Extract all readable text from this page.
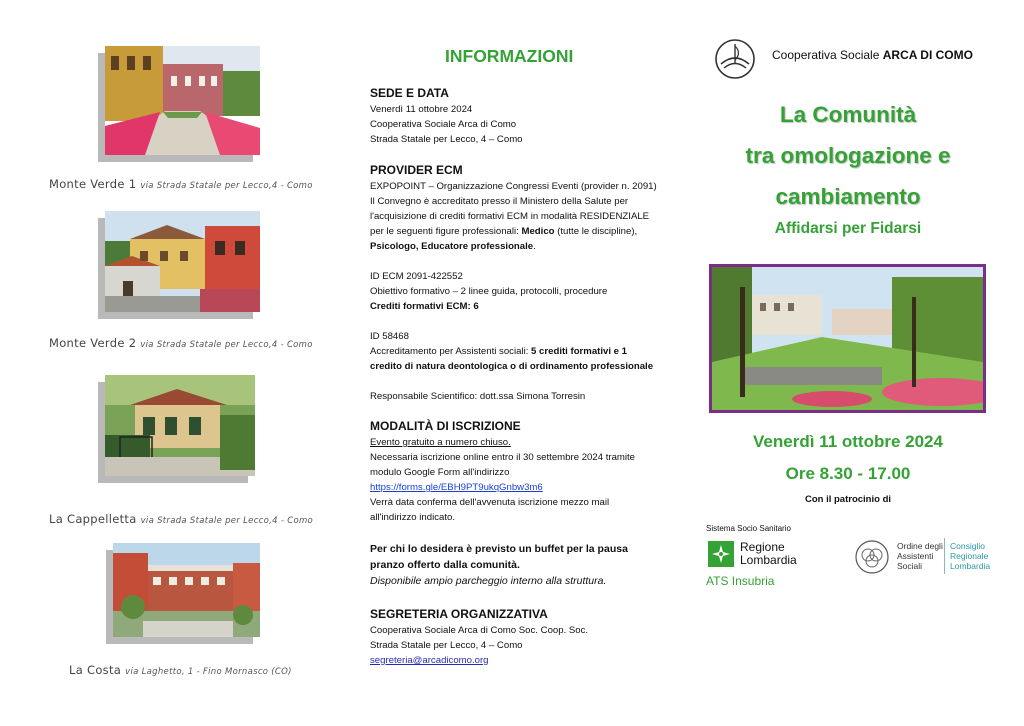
Monte Verde 1 via Strada Statale per Lecco,4 - Como
Monte Verde 2 via Strada Statale per Lecco,4 - Como
La Cappelletta via Strada Statale per Lecco,4 - Como
La Costa via Laghetto, 1 - Fino Mornasco (CO)
INFORMAZIONI
SEDE E DATA
Venerdì 11 ottobre 2024
Cooperativa Sociale Arca di Como
Strada Statale per Lecco, 4 – Como
PROVIDER ECM
EXPOPOINT – Organizzazione Congressi Eventi (provider n. 2091)
Il Convegno è accreditato presso il Ministero della Salute per
l'acquisizione di crediti formativi ECM in modalità RESIDENZIALE
per le seguenti figure professionali: Medico (tutte le discipline),
Psicologo, Educatore professionale.
ID ECM 2091-422552
Obiettivo formativo – 2 linee guida, protocolli, procedure
Crediti formativi ECM: 6
ID 58468
Accreditamento per Assistenti sociali: 5 crediti formativi e 1
credito di natura deontologica o di ordinamento professionale
Responsabile Scientifico: dott.ssa Simona Torresin
MODALITÀ DI ISCRIZIONE
Evento gratuito a numero chiuso.
Necessaria iscrizione online entro il 30 settembre 2024 tramite
modulo Google Form all'indirizzo
https://forms.gle/EBH9PT9ukqGnbw3m6
Verrà data conferma dell'avvenuta iscrizione mezzo mail
all'indirizzo indicato.
Per chi lo desidera è previsto un buffet per la pausa
pranzo offerto dalla comunità.
Disponibile ampio parcheggio interno alla struttura.
SEGRETERIA ORGANIZZATIVA
Cooperativa Sociale Arca di Como Soc. Coop. Soc.
Strada Statale per Lecco, 4 – Como
segreteria@arcadicomo.org
Cooperativa Sociale ARCA DI COMO
La Comunità
tra omologazione e
cambiamento
Affidarsi per Fidarsi
Venerdì 11 ottobre 2024
Ore 8.30 - 17.00
Con il patrocinio di
Sistema Socio Sanitario
Regione
Lombardia
ATS Insubria
Ordine degli
Assistenti
Sociali
Consiglio
Regionale
Lombardia
